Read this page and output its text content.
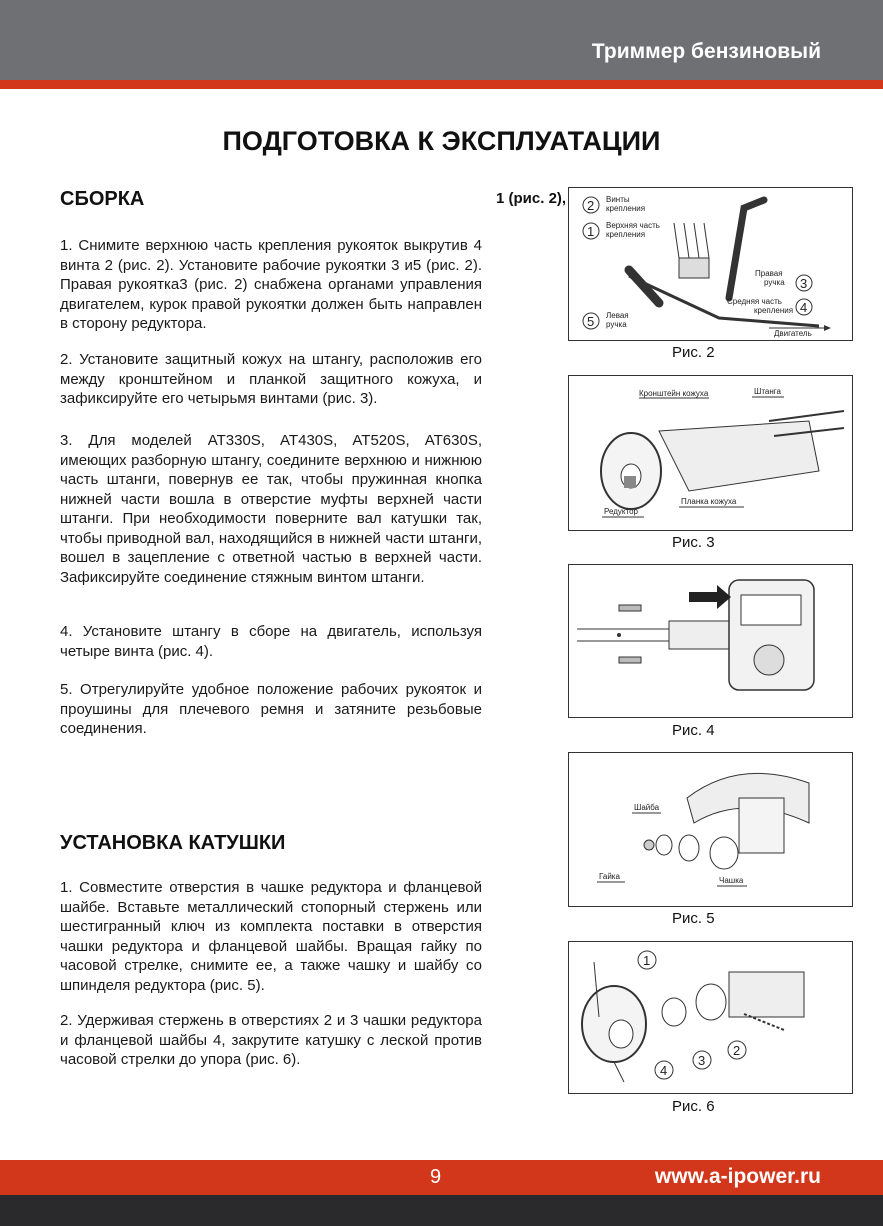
Триммер бензиновый
ПОДГОТОВКА К ЭКСПЛУАТАЦИИ
1 (рис. 2),
СБОРКА
1. Снимите верхнюю часть крепления рукояток выкрутив 4 винта 2 (рис. 2). Установите рабочие рукоятки 3 и5 (рис. 2). Правая рукоятка3 (рис. 2) снабжена органами управления двигателем, курок правой рукоятки должен быть направлен в сторону редуктора.
2. Установите защитный кожух на штангу, расположив его между кронштейном и планкой защитного кожуха, и зафиксируйте его четырьмя винтами (рис. 3).
3. Для моделей AT330S, AT430S, AT520S, AT630S, имеющих разборную штангу, соедините верхнюю и нижнюю часть штанги, повернув ее так, чтобы пружинная кнопка нижней части вошла в отверстие муфты верхней части штанги. При необходимости поверните вал катушки так, чтобы приводной вал, находящийся в нижней части штанги, вошел в зацепление с ответной частью в верхней части. Зафиксируйте соединение стяжным винтом штанги.
4. Установите штангу в сборе на двигатель, используя четыре винта (рис. 4).
5. Отрегулируйте удобное положение рабочих рукояток и проушины для плечевого ремня и затяните резьбовые соединения.
УСТАНОВКА КАТУШКИ
1. Совместите отверстия в чашке редуктора и фланцевой шайбе. Вставьте металлический стопорный стержень или шестигранный ключ из комплекта поставки в отверстия чашки редуктора и фланцевой шайбы. Вращая гайку по часовой стрелке, снимите ее, а также чашку и шайбу со шпинделя редуктора (рис. 5).
2. Удерживая стержень в отверстиях 2 и 3 чашки редуктора и фланцевой шайбы 4, закрутите катушку с леской против часовой стрелки до упора (рис. 6).
2 Винты
крепления
1 Верхняя часть
крепления
3
Правая
ручка
4
Средняя часть
крепления
5 Левая
ручка
Двигатель
Рис. 2
Кронштейн кожуха	Штанга
Планка кожуха
Редуктор
Рис. 3
Рис. 4
Шайба
Гайка	Чашка
Рис. 5
1
2
3
4
Рис. 6
9	www.a-ipower.ru
